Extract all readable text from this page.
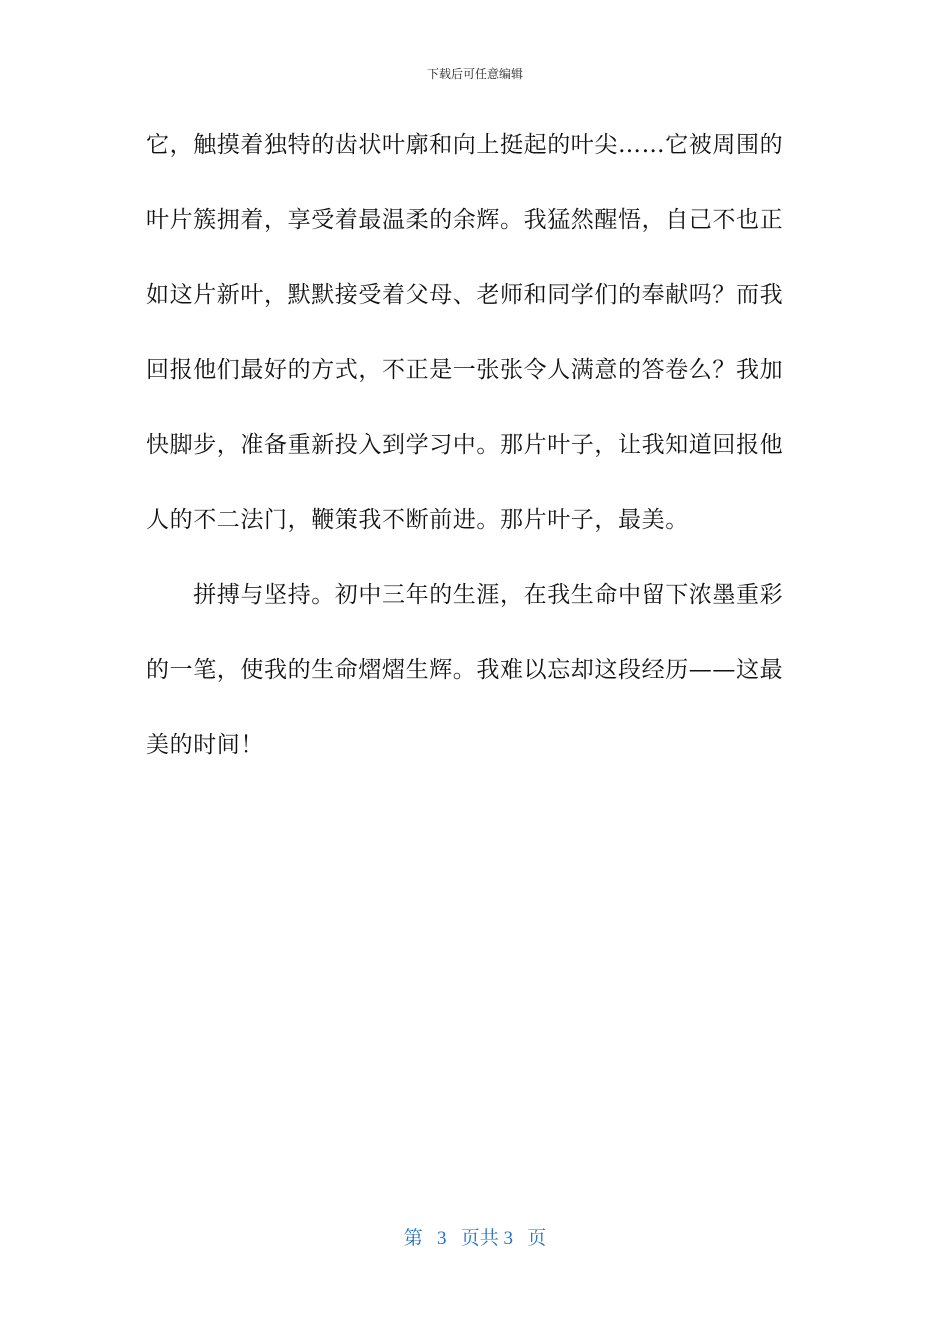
下载后可任意编辑
它，触摸着独特的齿状叶廓和向上挺起的叶尖……它被周围的
叶片簇拥着，享受着最温柔的余辉。我猛然醒悟，自己不也正
如这片新叶，默默接受着父母、老师和同学们的奉献吗？而我
回报他们最好的方式，不正是一张张令人满意的答卷么？我加
快脚步，准备重新投入到学习中。那片叶子，让我知道回报他
人的不二法门，鞭策我不断前进。那片叶子，最美。
　　拼搏与坚持。初中三年的生涯，在我生命中留下浓墨重彩
的一笔，使我的生命熠熠生辉。我难以忘却这段经历——这最
美的时间！
第 3 页共 3 页
